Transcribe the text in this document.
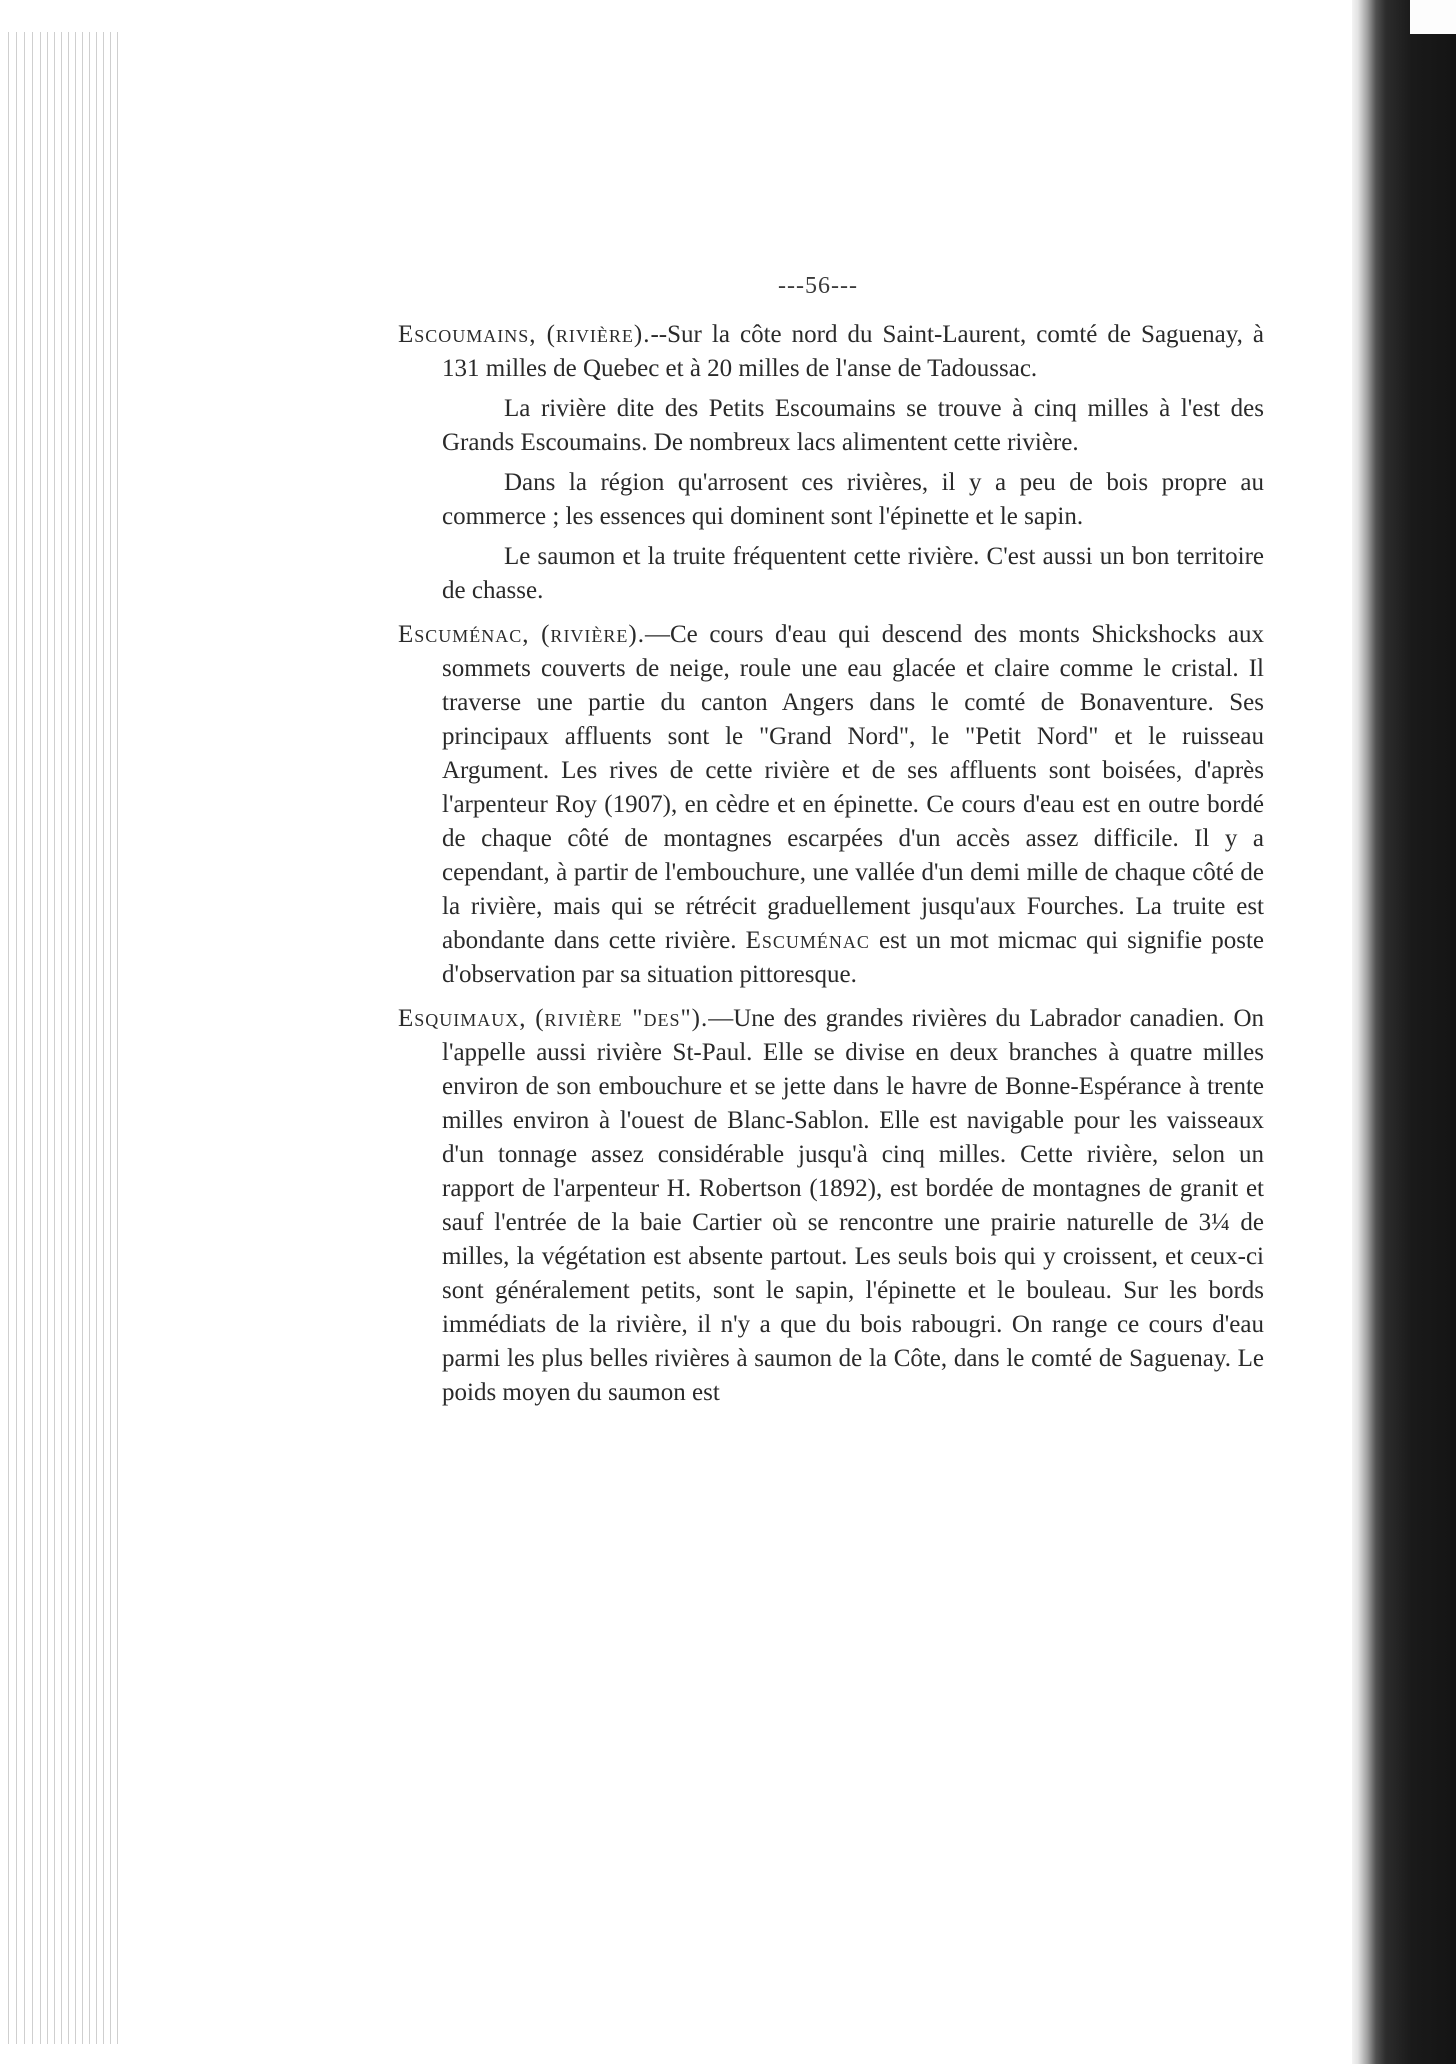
---56---

Escoumains, (rivière).--Sur la côte nord du Saint-Laurent, comté de Saguenay, à 131 milles de Quebec et à 20 milles de l'anse de Tadoussac.

La rivière dite des Petits Escoumains se trouve à cinq milles à l'est des Grands Escoumains. De nombreux lacs alimentent cette rivière.

Dans la région qu'arrosent ces rivières, il y a peu de bois propre au commerce ; les essences qui dominent sont l'épinette et le sapin.

Le saumon et la truite fréquentent cette rivière. C'est aussi un bon territoire de chasse.

Escuménac, (rivière).—Ce cours d'eau qui descend des monts Shickshocks aux sommets couverts de neige, roule une eau glacée et claire comme le cristal. Il traverse une partie du canton Angers dans le comté de Bonaventure. Ses principaux affluents sont le "Grand Nord", le "Petit Nord" et le ruisseau Argument. Les rives de cette rivière et de ses affluents sont boisées, d'après l'arpenteur Roy (1907), en cèdre et en épinette. Ce cours d'eau est en outre bordé de chaque côté de montagnes escarpées d'un accès assez difficile. Il y a cependant, à partir de l'embouchure, une vallée d'un demi mille de chaque côté de la rivière, mais qui se rétrécit graduellement jusqu'aux Fourches. La truite est abondante dans cette rivière. Escuménac est un mot micmac qui signifie poste d'observation par sa situation pittoresque.

Esquimaux, (rivière "des").—Une des grandes rivières du Labrador canadien. On l'appelle aussi rivière St-Paul. Elle se divise en deux branches à quatre milles environ de son embouchure et se jette dans le havre de Bonne-Espérance à trente milles environ à l'ouest de Blanc-Sablon. Elle est navigable pour les vaisseaux d'un tonnage assez considérable jusqu'à cinq milles. Cette rivière, selon un rapport de l'arpenteur H. Robertson (1892), est bordée de montagnes de granit et sauf l'entrée de la baie Cartier où se rencontre une prairie naturelle de 3¼ de milles, la végétation est absente partout. Les seuls bois qui y croissent, et ceux-ci sont généralement petits, sont le sapin, l'épinette et le bouleau. Sur les bords immédiats de la rivière, il n'y a que du bois rabougri. On range ce cours d'eau parmi les plus belles rivières à saumon de la Côte, dans le comté de Saguenay. Le poids moyen du saumon est
